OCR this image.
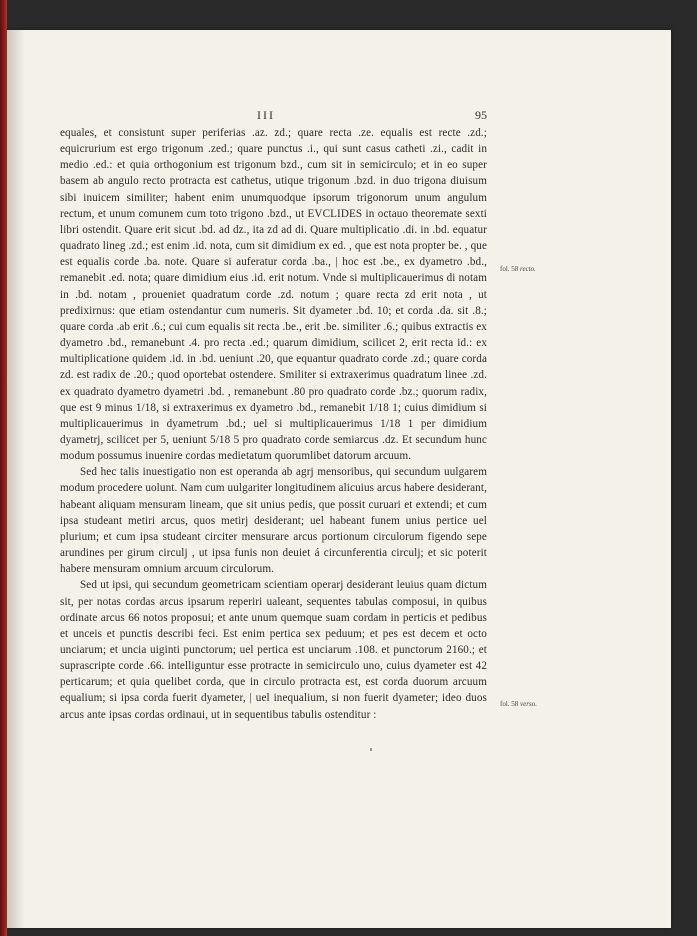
III	95

equales, et consistunt super periferias .az. zd.; quare recta .ze. equalis est recte .zd.; equicrurium est ergo trigonum .zed.; quare punctus .i., qui sunt casus catheti .zi., cadit in medio .ed.: et quia orthogonium est trigonum bzd., cum sit in semicirculo; et in eo super basem ab angulo recto protracta est cathetus, utique trigonum .bzd. in duo trigona diuisum sibi inuicem similiter; habent enim unumquodque ipsorum trigonorum unum angulum rectum, et unum comunem cum toto trigono .bzd., ut EVCLIDES in octauo theoremate sexti libri ostendit. Quare erit sicut .bd. ad dz., ita zd ad di. Quare multiplicatio .di. in .bd. equatur quadrato lineg .zd.; est enim .id. nota, cum sit dimidium ex ed. , que est nota propter be. , que est equalis corde .ba. note. Quare si auferatur corda .ba., | hoc est .be., ex dyametro .bd., remanebit .ed. nota; quare dimidium eius .id. erit notum. Vnde si multiplicauerimus di notam in .bd. notam , proueniet quadratum corde .zd. notum ; quare recta zd erit nota , ut predixirnus: que etiam ostendantur cum numeris. Sit dyameter .bd. 10; et corda .da. sit .8.; quare corda .ab erit .6.; cui cum equalis sit recta .be., erit .be. similiter .6.; quibus extractis ex dyametro .bd., remanebunt .4. pro recta .ed.; quarum dimidium, scilicet 2, erit recta id.: ex multiplicatione quidem .id. in .bd. ueniunt .20, que equantur quadrato corde .zd.; quare corda zd. est radix de .20.; quod oportebat ostendere. Smiliter si extraxerimus quadratum linee .zd. ex quadrato dyametro dyametri .bd. , remanebunt .80 pro quadrato corde .bz.; quorum radix, que est 9 minus 1/18, si extraxerimus ex dyametro .bd., remanebit 1/18 1; cuius dimidium si multiplicauerimus in dyametrum .bd.; uel si multiplicauerimus 1/18 1 per dimidium dyametrj, scilicet per 5, ueniunt 5/18 5 pro quadrato corde semiarcus .dz. Et secundum hunc modum possumus inuenire cordas medietatum quorumlibet datorum arcuum.

Sed hec talis inuestigatio non est operanda ab agrj mensoribus, qui secundum uulgarem modum procedere uolunt. Nam cum uulgariter longitudinem alicuius arcus habere desiderant, habeant aliquam mensuram lineam, que sit unius pedis, que possit curuari et extendi; et cum ipsa studeant metiri arcus, quos metirj desiderant; uel habeant funem unius pertice uel plurium; et cum ipsa studeant circiter mensurare arcus portionum circulorum figendo sepe arundines per girum circulj , ut ipsa funis non deuiet á circunferentia circulj; et sic poterit habere mensuram omnium arcuum circulorum.

Sed ut ipsi, qui secundum geometricam scientiam operarj desiderant leuius quam dictum sit, per notas cordas arcus ipsarum reperiri ualeant, sequentes tabulas composui, in quibus ordinate arcus 66 notos proposui; et ante unum quemque suam cordam in perticis et pedibus et unceis et punctis describi feci. Est enim pertica sex peduum; et pes est decem et octo unciarum; et uncia uiginti punctorum; uel pertica est unciarum .108. et punctorum 2160.; et suprascripte corde .66. intelliguntur esse protracte in semicirculo uno, cuius dyameter est 42 perticarum; et quia quelibet corda, que in circulo protracta est, est corda duorum arcuum equalium; si ipsa corda fuerit dyameter, | uel inequalium, si non fuerit dyameter; ideo duos arcus ante ipsas cordas ordinaui, ut in sequentibus tabulis ostenditur :

fol. 58 recto.
fol. 58 verso.
